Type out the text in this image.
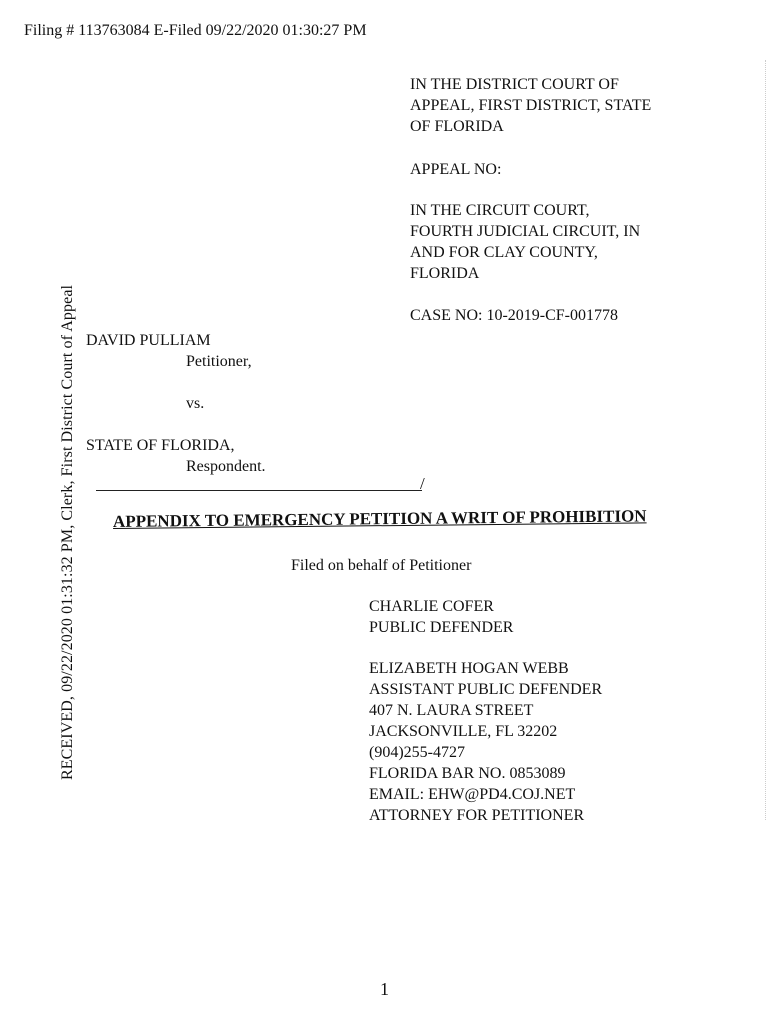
Filing # 113763084 E-Filed 09/22/2020 01:30:27 PM
RECEIVED, 09/22/2020 01:31:32 PM, Clerk, First District Court of Appeal
IN THE DISTRICT COURT OF
APPEAL, FIRST DISTRICT, STATE
OF FLORIDA
APPEAL NO:
IN THE CIRCUIT COURT,
FOURTH JUDICIAL CIRCUIT, IN
AND FOR CLAY COUNTY,
FLORIDA
CASE NO: 10-2019-CF-001778
DAVID PULLIAM
Petitioner,
vs.
STATE OF FLORIDA,
Respondent.
/
APPENDIX TO EMERGENCY PETITION A WRIT OF PROHIBITION
Filed on behalf of Petitioner
CHARLIE COFER
PUBLIC DEFENDER
ELIZABETH HOGAN WEBB
ASSISTANT PUBLIC DEFENDER
407 N. LAURA STREET
JACKSONVILLE, FL 32202
(904)255-4727
FLORIDA BAR NO. 0853089
EMAIL: EHW@PD4.COJ.NET
ATTORNEY FOR PETITIONER
1
